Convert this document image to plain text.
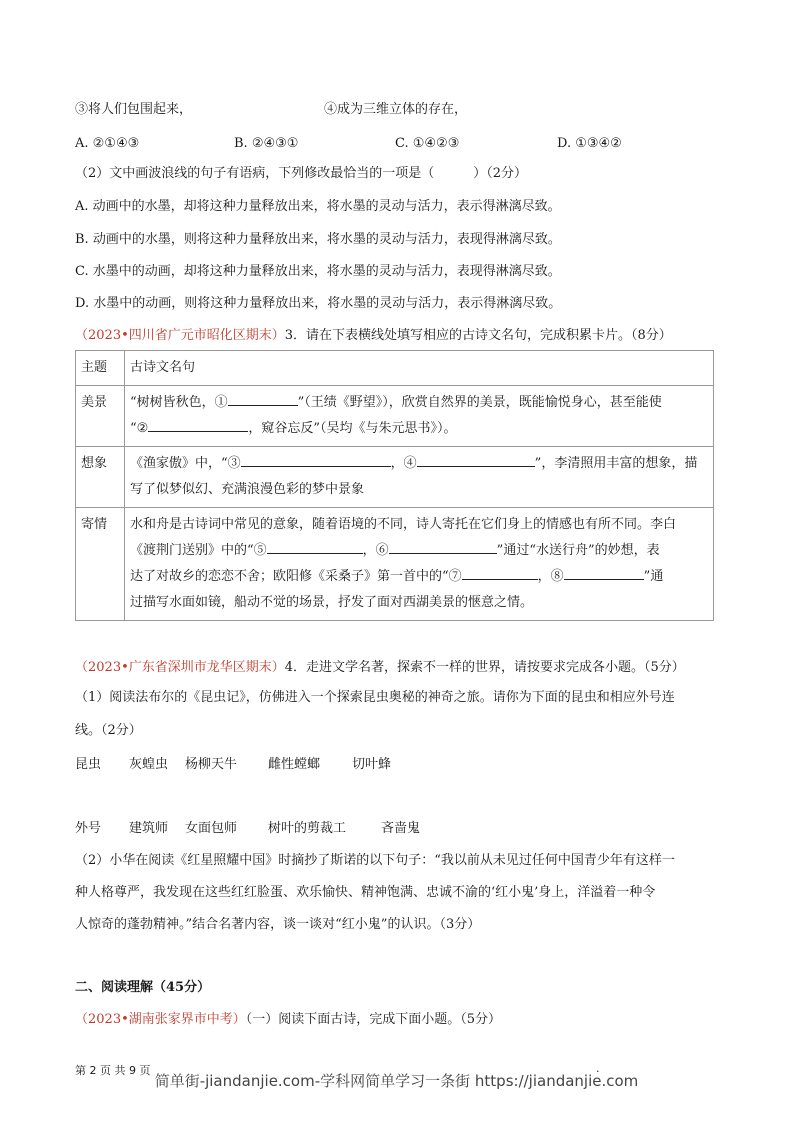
③将人们包围起来，	④成为三维立体的存在，
A. ②①④③	B. ②④③①	C. ①④②③	D. ①③④②
（2）文中画波浪线的句子有语病，下列修改最恰当的一项是（　　　）（2分）
A. 动画中的水墨，却将这种力量释放出来，将水墨的灵动与活力，表示得淋漓尽致。
B. 动画中的水墨，则将这种力量释放出来，将水墨的灵动与活力，表现得淋漓尽致。
C. 水墨中的动画，却将这种力量释放出来，将水墨的灵动与活力，表现得淋漓尽致。
D. 水墨中的动画，则将这种力量释放出来，将水墨的灵动与活力，表示得淋漓尽致。
（2023•四川省广元市昭化区期末）3．请在下表横线处填写相应的古诗文名句，完成积累卡片。（8分）
主题	古诗文名句
美景	“树树皆秋色，① ”（王绩《野望》），欣赏自然界的美景，既能愉悦身心，甚至能使
“② ，窥谷忘反”（吴均《与朱元思书》）。
想象	《渔家傲》中，“③ ，④ ”，李清照用丰富的想象，描
写了似梦似幻、充满浪漫色彩的梦中景象
寄情	水和舟是古诗词中常见的意象，随着语境的不同，诗人寄托在它们身上的情感也有所不同。李白
《渡荆门送别》中的“⑤ ，⑥ ”通过“水送行舟”的妙想，表
达了对故乡的恋恋不舍；欧阳修《采桑子》第一首中的“⑦ ，⑧ ”通
过描写水面如镜，船动不觉的场景，抒发了面对西湖美景的惬意之情。
（2023•广东省深圳市龙华区期末）4．走进文学名著，探索不一样的世界，请按要求完成各小题。（5分）
（1）阅读法布尔的《昆虫记》，仿佛进入一个探索昆虫奥秘的神奇之旅。请你为下面的昆虫和相应外号连
线。（2分）
昆虫 灰蝗虫 杨柳天牛 雌性螳螂 切叶蜂
外号 建筑师 女面包师 树叶的剪裁工	吝啬鬼
（2）小华在阅读《红星照耀中国》时摘抄了斯诺的以下句子：“我以前从未见过任何中国青少年有这样一
种人格尊严，我发现在这些红红脸蛋、欢乐愉快、精神饱满、忠诚不渝的‘红小鬼’身上，洋溢着一种令
人惊奇的蓬勃精神。”结合名著内容，谈一谈对“红小鬼”的认识。（3分）
二、阅读理解（45分）
（2023•湖南张家界市中考）（一）阅读下面古诗，完成下面小题。（5分）
第 2 页 共 9 页	.
简单街-jiandanjie.com-学科网简单学习一条街 https://jiandanjie.com
